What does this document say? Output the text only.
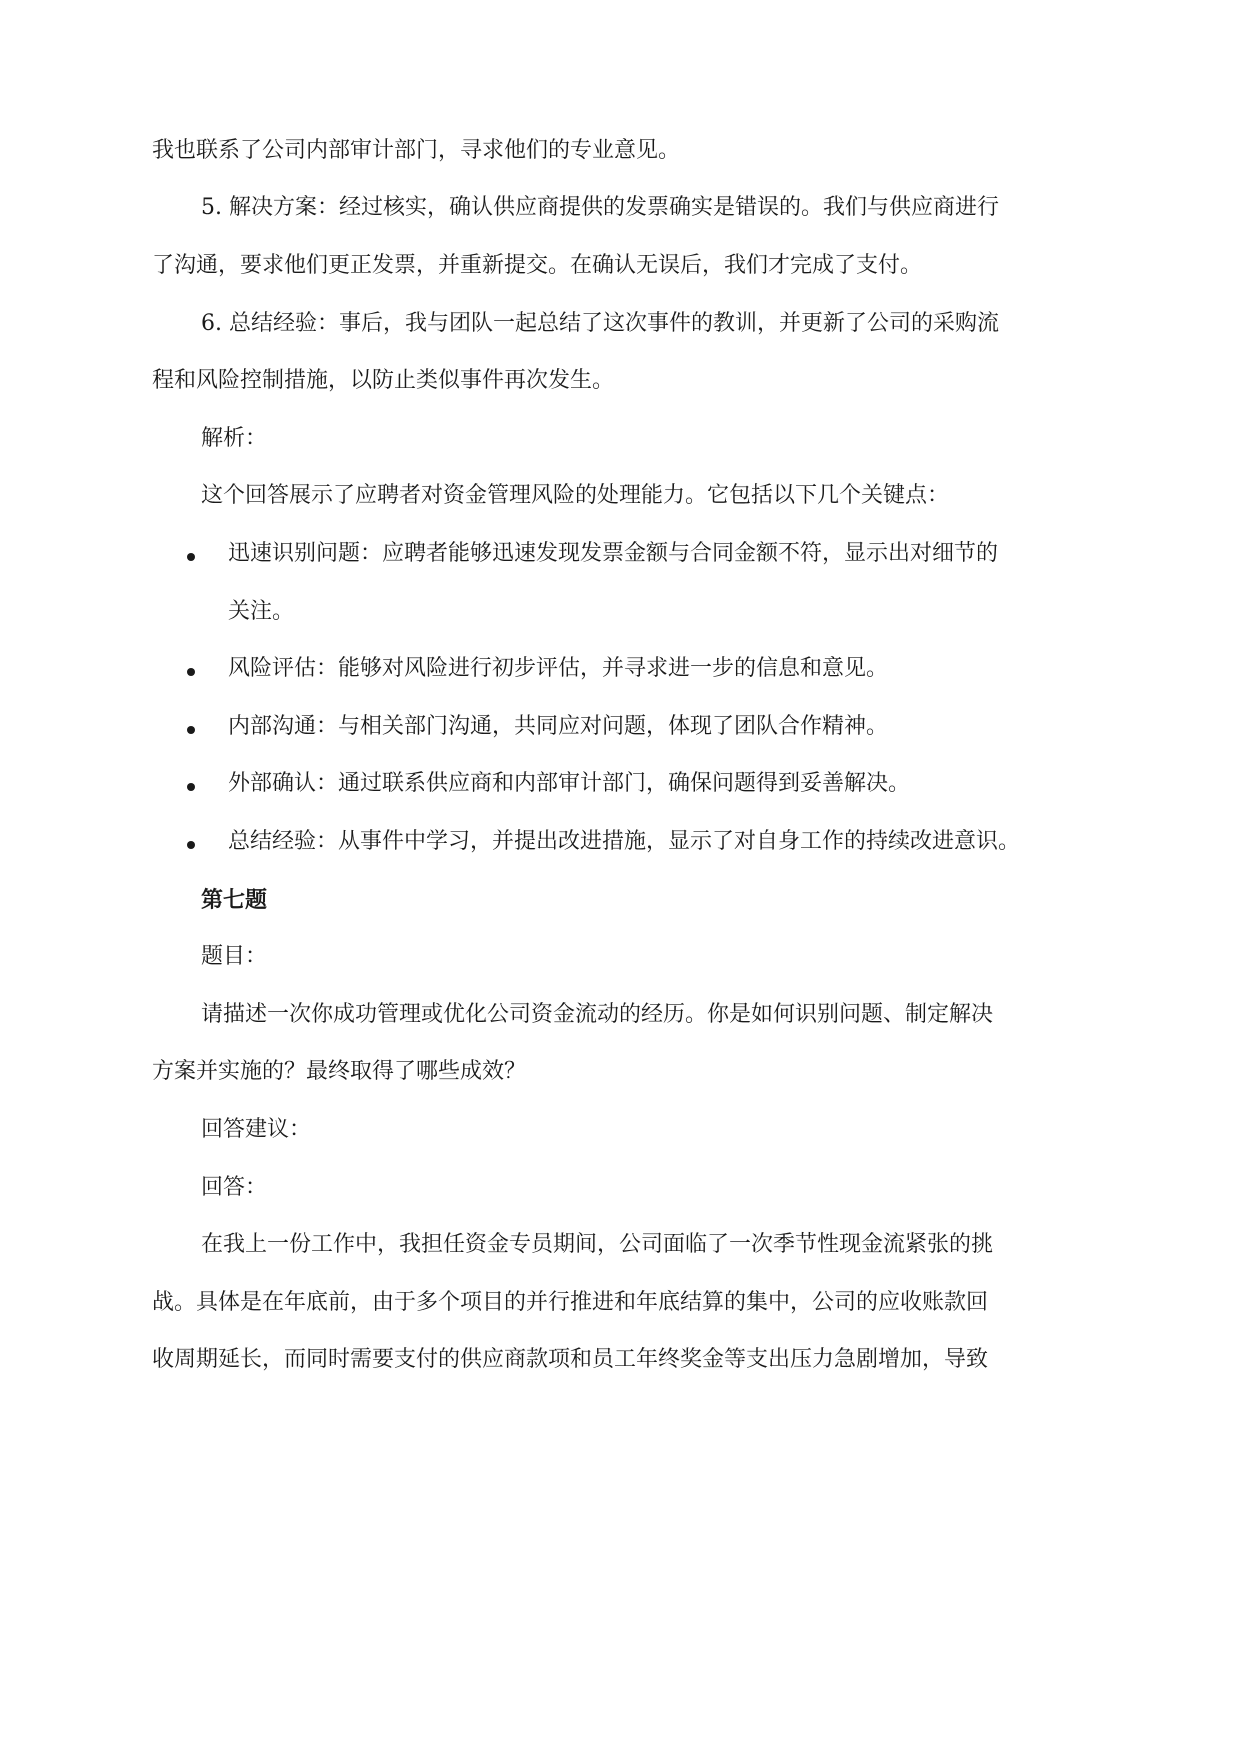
我也联系了公司内部审计部门，寻求他们的专业意见。

5. 解决方案：经过核实，确认供应商提供的发票确实是错误的。我们与供应商进行

了沟通，要求他们更正发票，并重新提交。在确认无误后，我们才完成了支付。

6. 总结经验：事后，我与团队一起总结了这次事件的教训，并更新了公司的采购流

程和风险控制措施，以防止类似事件再次发生。

解析：

这个回答展示了应聘者对资金管理风险的处理能力。它包括以下几个关键点：

迅速识别问题：应聘者能够迅速发现发票金额与合同金额不符，显示出对细节的

关注。

风险评估：能够对风险进行初步评估，并寻求进一步的信息和意见。

内部沟通：与相关部门沟通，共同应对问题，体现了团队合作精神。

外部确认：通过联系供应商和内部审计部门，确保问题得到妥善解决。

总结经验：从事件中学习，并提出改进措施，显示了对自身工作的持续改进意识。

第七题

题目：

请描述一次你成功管理或优化公司资金流动的经历。你是如何识别问题、制定解决

方案并实施的？最终取得了哪些成效？

回答建议：

回答：

在我上一份工作中，我担任资金专员期间，公司面临了一次季节性现金流紧张的挑

战。具体是在年底前，由于多个项目的并行推进和年底结算的集中，公司的应收账款回

收周期延长，而同时需要支付的供应商款项和员工年终奖金等支出压力急剧增加，导致
